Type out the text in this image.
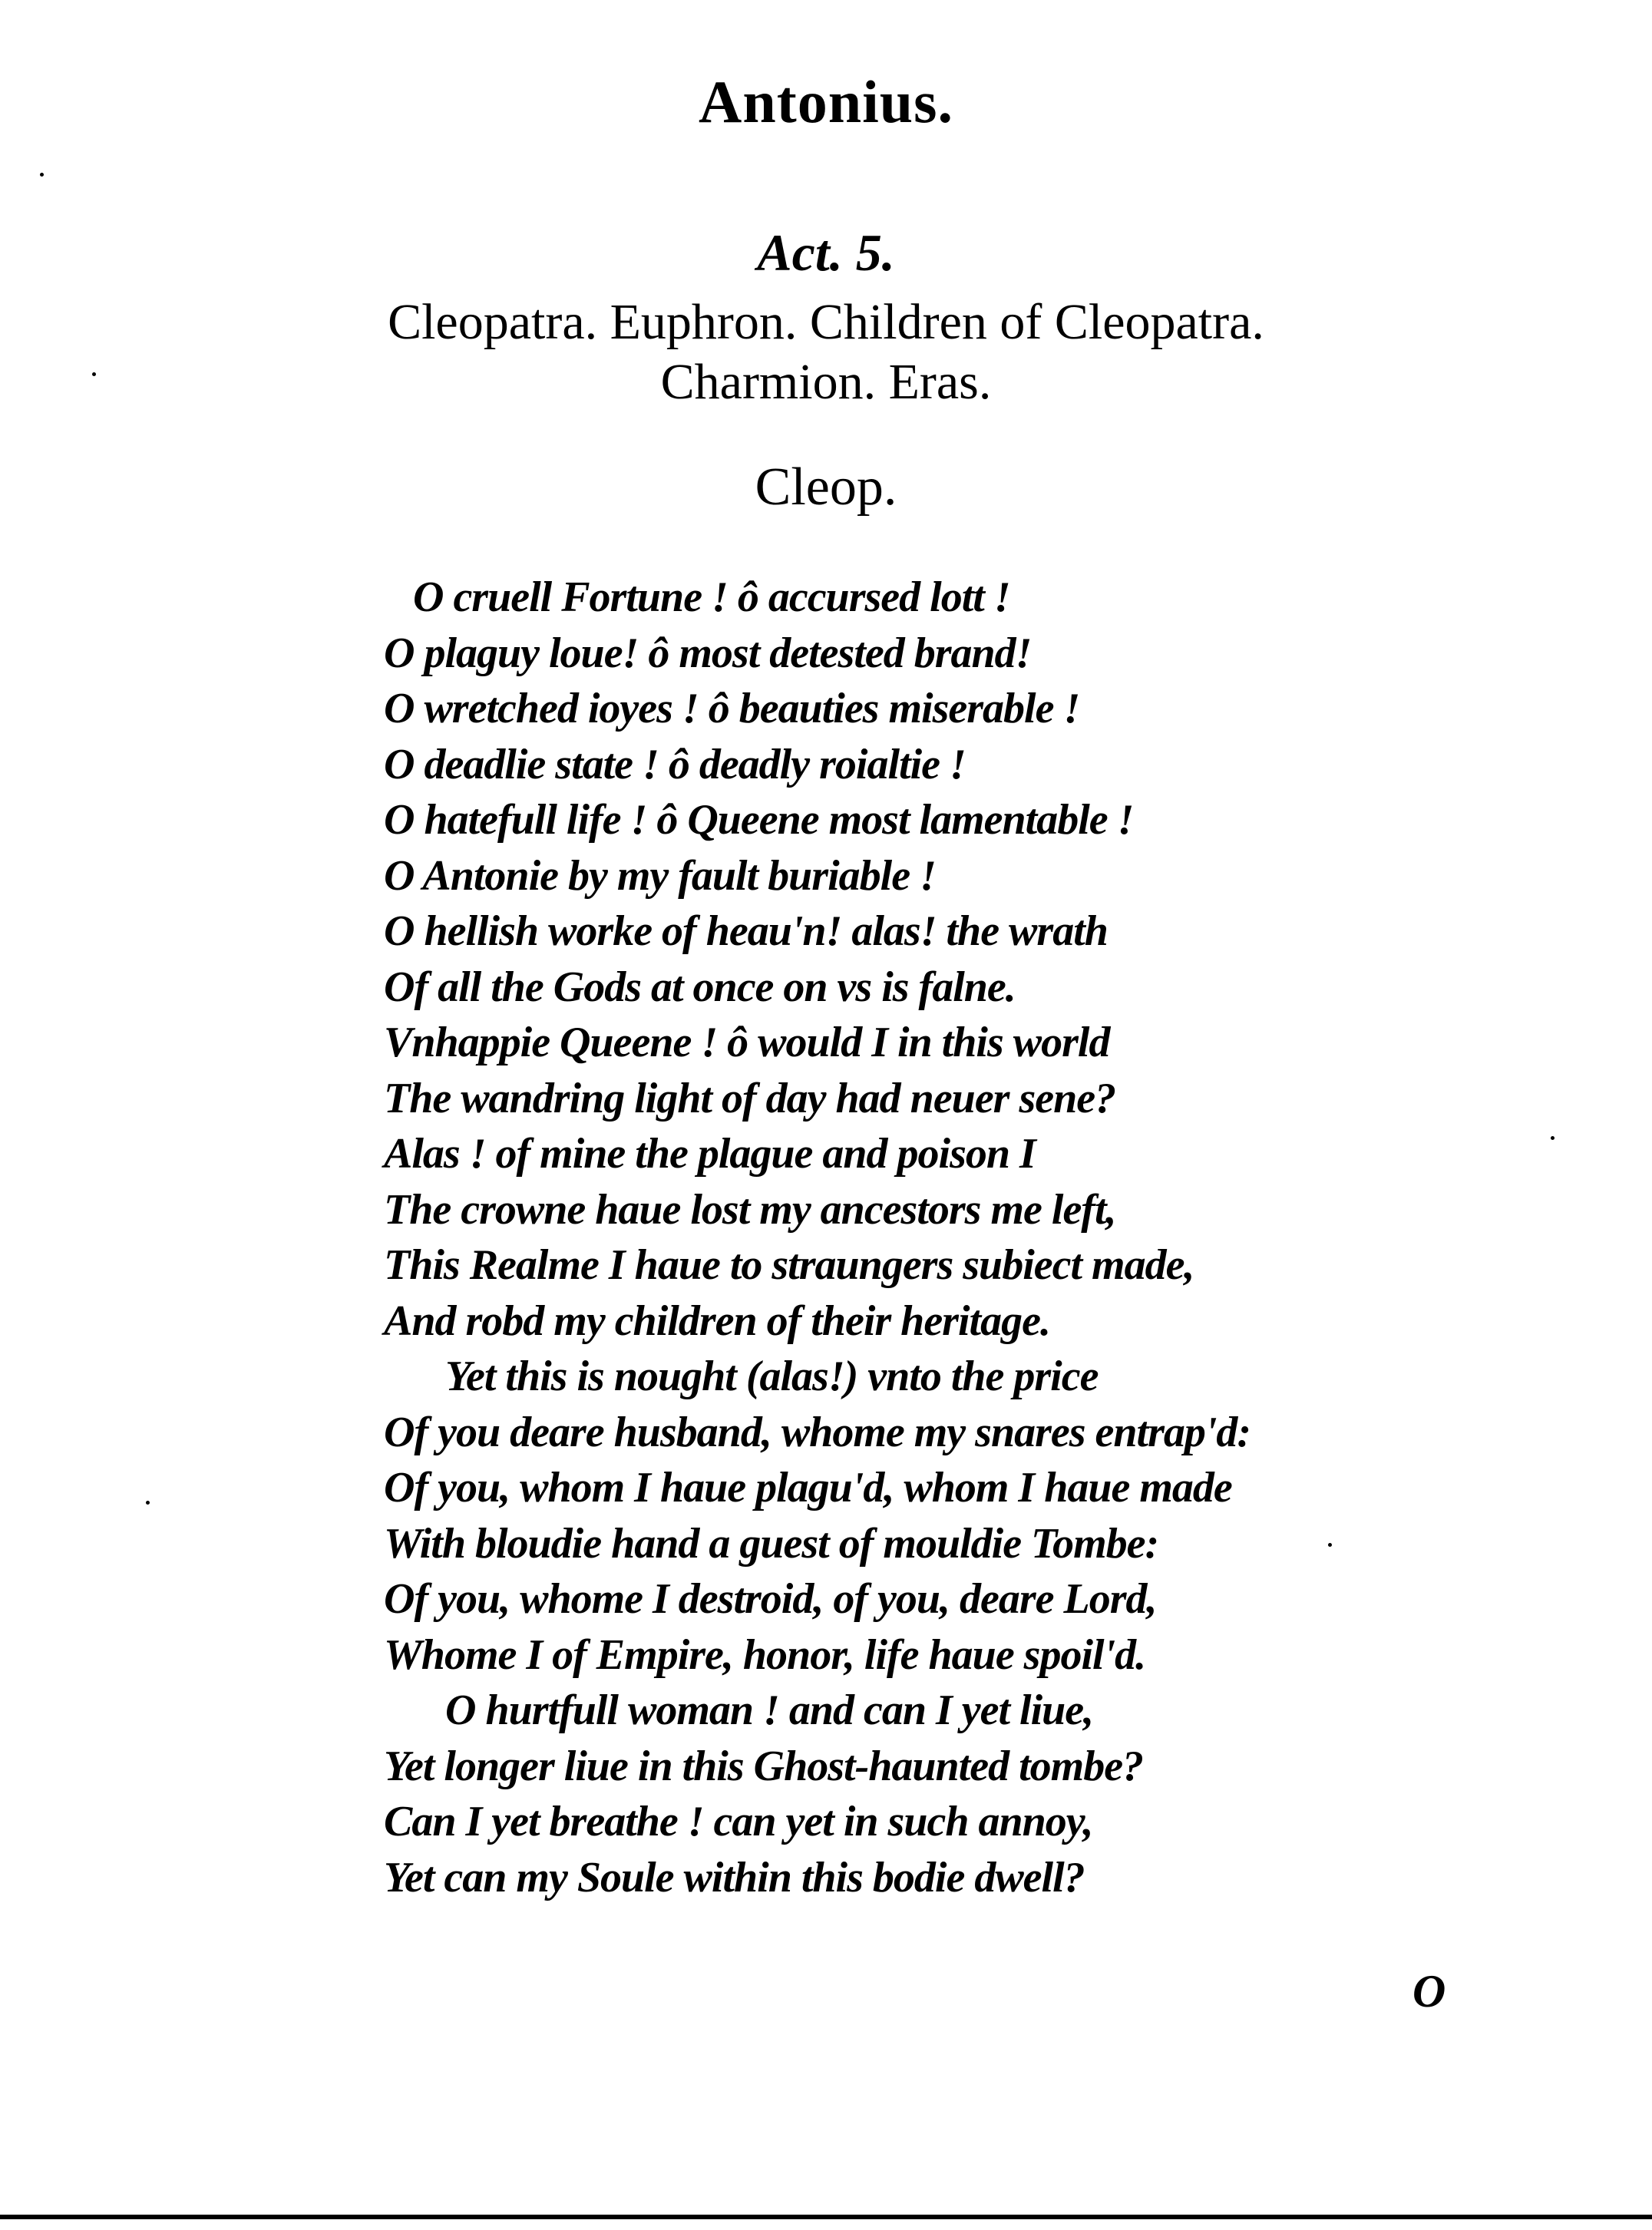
Antonius.
Act. 5.
Cleopatra. Euphron. Children of Cleopatra.
Charmion. Eras.
Cleop.
O cruell Fortune ! ô accursed lott !
O plaguy loue! ô most detested brand!
O wretched ioyes ! ô beauties miserable !
O deadlie state ! ô deadly roialtie !
O hatefull life ! ô Queene most lamentable !
O Antonie by my fault buriable !
O hellish worke of heau'n! alas! the wrath
Of all the Gods at once on vs is falne.
Vnhappie Queene ! ô would I in this world
The wandring light of day had neuer sene?
Alas ! of mine the plague and poison I
The crowne haue lost my ancestors me left,
This Realme I haue to straungers subiect made,
And robd my children of their heritage.
Yet this is nought (alas!) vnto the price
Of you deare husband, whome my snares entrap'd:
Of you, whom I haue plagu'd, whom I haue made
With bloudie hand a guest of mouldie Tombe:
Of you, whome I destroid, of you, deare Lord,
Whome I of Empire, honor, life haue spoil'd.
O hurtfull woman ! and can I yet liue,
Yet longer liue in this Ghost-haunted tombe?
Can I yet breathe ! can yet in such annoy,
Yet can my Soule within this bodie dwell?
O
